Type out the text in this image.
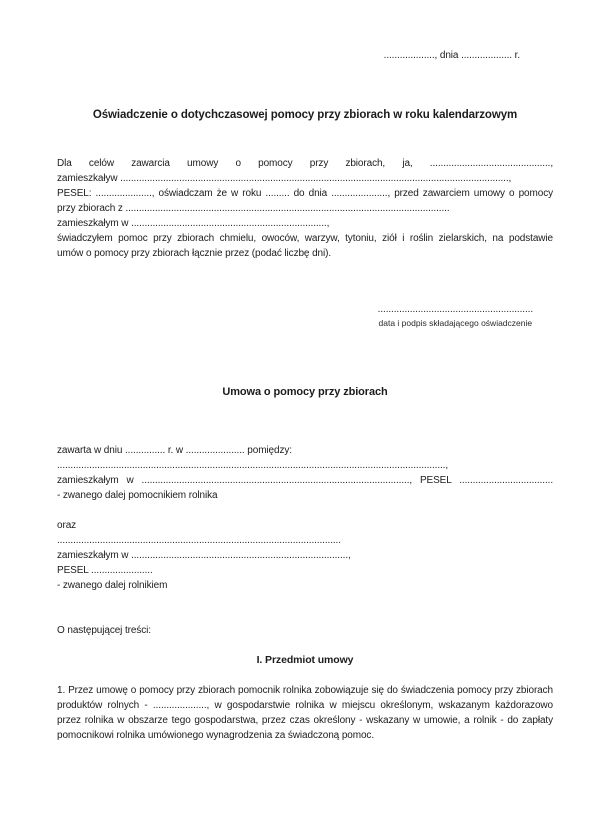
..................., dnia ................... r.
Oświadczenie o dotychczasowej pomocy przy zbiorach w roku kalendarzowym
Dla celów zawarcia umowy o pomocy przy zbiorach, ja, .............................................,
zamieszkaływ .................................................................................................................................................,
PESEL: ....................., oświadczam że w roku ......... do dnia ....................., przed zawarciem umowy o pomocy
przy zbiorach z .........................................................................................................................
zamieszkałym w .........................................................................,
świadczyłem pomoc przy zbiorach chmielu, owoców, warzyw, tytoniu, ziół i roślin zielarskich, na podstawie
umów o pomocy przy zbiorach łącznie przez (podać liczbę dni).
..........................................................
data i podpis składającego oświadczenie
Umowa o pomocy przy zbiorach
zawarta w dniu ............... r. w ...................... pomiędzy:
.................................................................................................................................................,
zamieszkałym w ...................................................................................................., PESEL ...................................
- zwanego dalej pomocnikiem rolnika
oraz
..........................................................................................................
zamieszkałym w .................................................................................,
PESEL .......................
- zwanego dalej rolnikiem
O następującej treści:
I. Przedmiot umowy
1. Przez umowę o pomocy przy zbiorach pomocnik rolnika zobowiązuje się do świadczenia pomocy przy zbiorach
produktów rolnych - ...................., w gospodarstwie rolnika w miejscu określonym, wskazanym każdorazowo
przez rolnika w obszarze tego gospodarstwa, przez czas określony - wskazany w umowie, a rolnik - do zapłaty
pomocnikowi rolnika umówionego wynagrodzenia za świadczoną pomoc.
